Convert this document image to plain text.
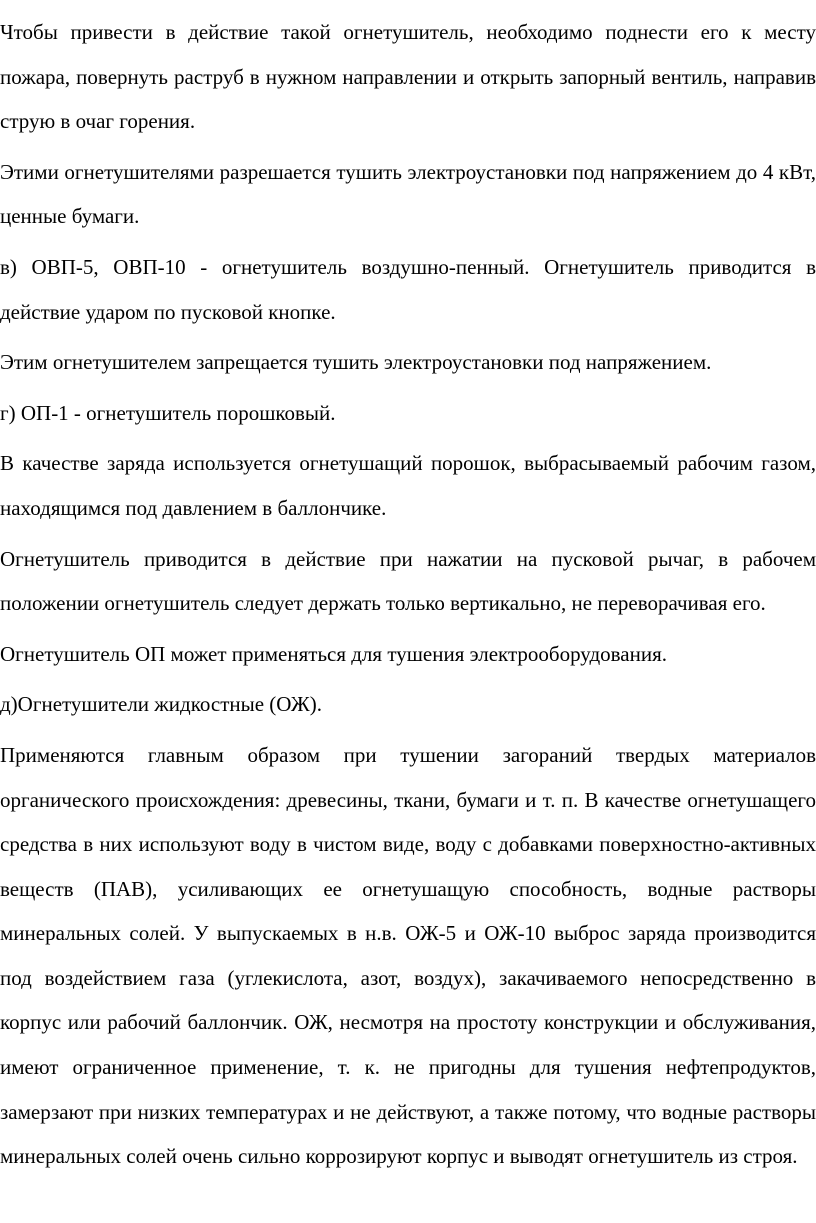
Чтобы привести в действие такой огнетушитель, необходимо поднести его к месту пожара, повернуть раструб в нужном направлении и открыть запорный вентиль, направив струю в очаг горения.

Этими огнетушителями разрешается тушить электроустановки под напряжением до 4 кВт, ценные бумаги.

в) ОВП-5, ОВП-10 - огнетушитель воздушно-пенный. Огнетушитель приводится в действие ударом по пусковой кнопке.

Этим огнетушителем запрещается тушить электроустановки под напряжением.

г) ОП-1 - огнетушитель порошковый.

В качестве заряда используется огнетушащий порошок, выбрасываемый рабочим газом, находящимся под давлением в баллончике.

Огнетушитель приводится в действие при нажатии на пусковой рычаг, в рабочем положении огнетушитель следует держать только вертикально, не переворачивая его.

Огнетушитель ОП может применяться для тушения электрооборудования.

д)Огнетушители жидкостные (ОЖ).

Применяются главным образом при тушении загораний твердых материалов органического происхождения: древесины, ткани, бумаги и т. п. В качестве огнетушащего средства в них используют воду в чистом виде, воду с добавками поверхностно-активных веществ (ПАВ), усиливающих ее огнетушащую способность, водные растворы минеральных солей. У выпускаемых в н.в. ОЖ-5 и ОЖ-10 выброс заряда производится под воздействием газа (углекислота, азот, воздух), закачиваемого непосредственно в корпус или рабочий баллончик. ОЖ, несмотря на простоту конструкции и обслуживания, имеют ограниченное применение, т. к. не пригодны для тушения нефтепродуктов, замерзают при низких температурах и не действуют, а также потому, что водные растворы минеральных солей очень сильно коррозируют корпус и выводят огнетушитель из строя.
